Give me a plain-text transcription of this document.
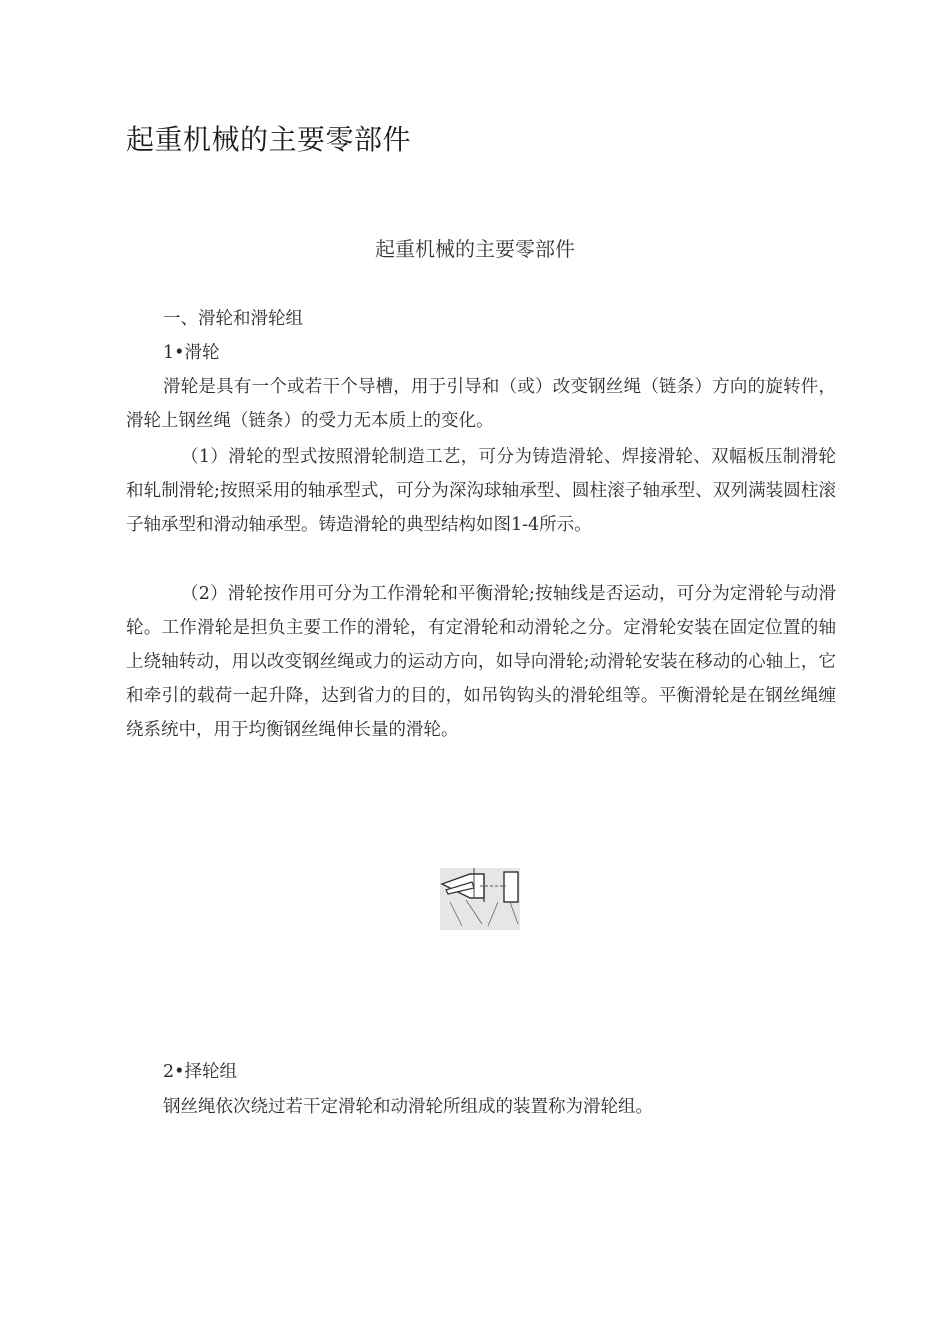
起重机械的主要零部件
起重机械的主要零部件

一、滑轮和滑轮组

1•滑轮

滑轮是具有一个或若干个导槽，用于引导和（或）改变钢丝绳（链条）方向的旋转件，滑轮上钢丝绳（链条）的受力无本质上的变化。

（1）滑轮的型式按照滑轮制造工艺，可分为铸造滑轮、焊接滑轮、双幅板压制滑轮和轧制滑轮;按照采用的轴承型式，可分为深沟球轴承型、圆柱滚子轴承型、双列满装圆柱滚子轴承型和滑动轴承型。铸造滑轮的典型结构如图1-4所示。

（2）滑轮按作用可分为工作滑轮和平衡滑轮;按轴线是否运动，可分为定滑轮与动滑轮。工作滑轮是担负主要工作的滑轮，有定滑轮和动滑轮之分。定滑轮安装在固定位置的轴上绕轴转动，用以改变钢丝绳或力的运动方向，如导向滑轮;动滑轮安装在移动的心轴上，它和牵引的载荷一起升降，达到省力的目的，如吊钩钩头的滑轮组等。平衡滑轮是在钢丝绳缠绕系统中，用于均衡钢丝绳伸长量的滑轮。

2•择轮组

钢丝绳依次绕过若干定滑轮和动滑轮所组成的装置称为滑轮组。
